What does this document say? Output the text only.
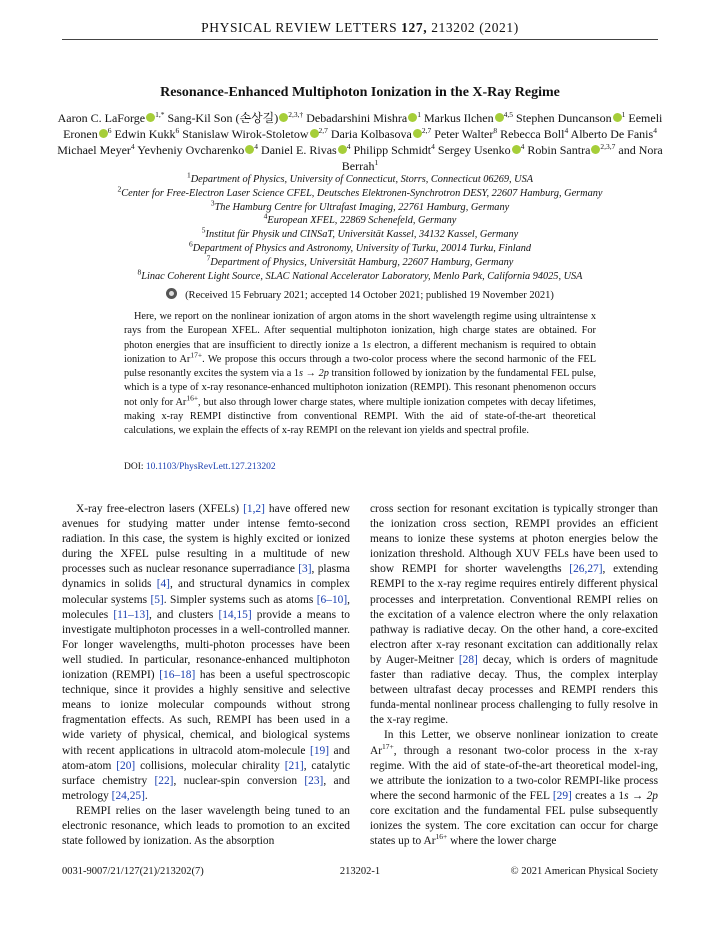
PHYSICAL REVIEW LETTERS 127, 213202 (2021)
Resonance-Enhanced Multiphoton Ionization in the X-Ray Regime
Aaron C. LaForge $^{1,*}$ Sang-Kil Son (손상길) $^{2,3,\dagger}$ Debadarshini Mishra $^1$ Markus Ilchen $^{4,5}$ Stephen Duncanson $^1$ Eemeli Eronen $^6$ Edwin Kukk$^6$ Stanislaw Wirok-Stoletow $^{2,7}$ Daria Kolbasova $^{2,7}$ Peter Walter$^8$ Rebecca Boll$^4$ Alberto De Fanis$^4$ Michael Meyer$^4$ Yevheniy Ovcharenko $^4$ Daniel E. Rivas $^4$ Philipp Schmidt$^4$ Sergey Usenko $^4$ Robin Santra $^{2,3,7}$ and Nora Berrah$^1$
$^1$Department of Physics, University of Connecticut, Storrs, Connecticut 06269, USA
$^2$Center for Free-Electron Laser Science CFEL, Deutsches Elektronen-Synchrotron DESY, 22607 Hamburg, Germany
$^3$The Hamburg Centre for Ultrafast Imaging, 22761 Hamburg, Germany
$^4$European XFEL, 22869 Schenefeld, Germany
$^5$Institut für Physik und CINSaT, Universität Kassel, 34132 Kassel, Germany
$^6$Department of Physics and Astronomy, University of Turku, 20014 Turku, Finland
$^7$Department of Physics, Universität Hamburg, 22607 Hamburg, Germany
$^8$Linac Coherent Light Source, SLAC National Accelerator Laboratory, Menlo Park, California 94025, USA
(Received 15 February 2021; accepted 14 October 2021; published 19 November 2021)
Here, we report on the nonlinear ionization of argon atoms in the short wavelength regime using ultraintense x rays from the European XFEL. After sequential multiphoton ionization, high charge states are obtained. For photon energies that are insufficient to directly ionize a 1s electron, a different mechanism is required to obtain ionization to $Ar^{17+}$. We propose this occurs through a two-color process where the second harmonic of the FEL pulse resonantly excites the system via a 1s → 2p transition followed by ionization by the fundamental FEL pulse, which is a type of x-ray resonance-enhanced multiphoton ionization (REMPI). This resonant phenomenon occurs not only for $Ar^{16+}$, but also through lower charge states, where multiple ionization competes with decay lifetimes, making x-ray REMPI distinctive from conventional REMPI. With the aid of state-of-the-art theoretical calculations, we explain the effects of x-ray REMPI on the relevant ion yields and spectral profile.
DOI: 10.1103/PhysRevLett.127.213202

X-ray free-electron lasers (XFELs) [1,2] have offered new avenues for studying matter under intense femto-second radiation. In this case, the system is highly excited or ionized during the XFEL pulse resulting in a multitude of new processes such as nuclear resonance superradiance [3], plasma dynamics in solids [4], and structural dynamics in complex molecular systems [5]. Simpler systems such as atoms [6–10], molecules [11–13], and clusters [14,15] provide a means to investigate multiphoton processes in a well-controlled manner. For longer wavelengths, multi-photon processes have been well studied. In particular, resonance-enhanced multiphoton ionization (REMPI) [16–18] has been a useful spectroscopic technique, since it provides a highly sensitive and selective means to ionize molecular compounds without strong fragmentation effects. As such, REMPI has been used in a wide variety of physical, chemical, and biological systems with recent applications in ultracold atom-molecule [19] and atom-atom [20] collisions, molecular chirality [21], catalytic surface chemistry [22], nuclear-spin conversion [23], and metrology [24,25].

REMPI relies on the laser wavelength being tuned to an electronic resonance, which leads to promotion to an excited state followed by ionization. As the absorption

cross section for resonant excitation is typically stronger than the ionization cross section, REMPI provides an efficient means to ionize these systems at photon energies below the ionization threshold. Although XUV FELs have been used to show REMPI for shorter wavelengths [26,27], extending REMPI to the x-ray regime requires entirely different physical processes and interpretation. Conventional REMPI relies on the excitation of a valence electron where the only relaxation pathway is radiative decay. On the other hand, a core-excited electron after x-ray resonant excitation can additionally relax by Auger-Meitner [28] decay, which is orders of magnitude faster than radiative decay. Thus, the complex interplay between ultrafast decay processes and REMPI renders this funda-mental nonlinear process challenging to fully resolve in the x-ray regime.

In this Letter, we observe nonlinear ionization to create $Ar^{17+}$, through a resonant two-color process in the x-ray regime. With the aid of state-of-the-art theoretical model-ing, we attribute the ionization to a two-color REMPI-like process where the second harmonic of the FEL [29] creates a 1s → 2p core excitation and the fundamental FEL pulse subsequently ionizes the system. The core excitation can occur for charge states up to $Ar^{16+}$ where the lower charge

0031-9007/21/127(21)/213202(7)	213202-1	© 2021 American Physical Society
